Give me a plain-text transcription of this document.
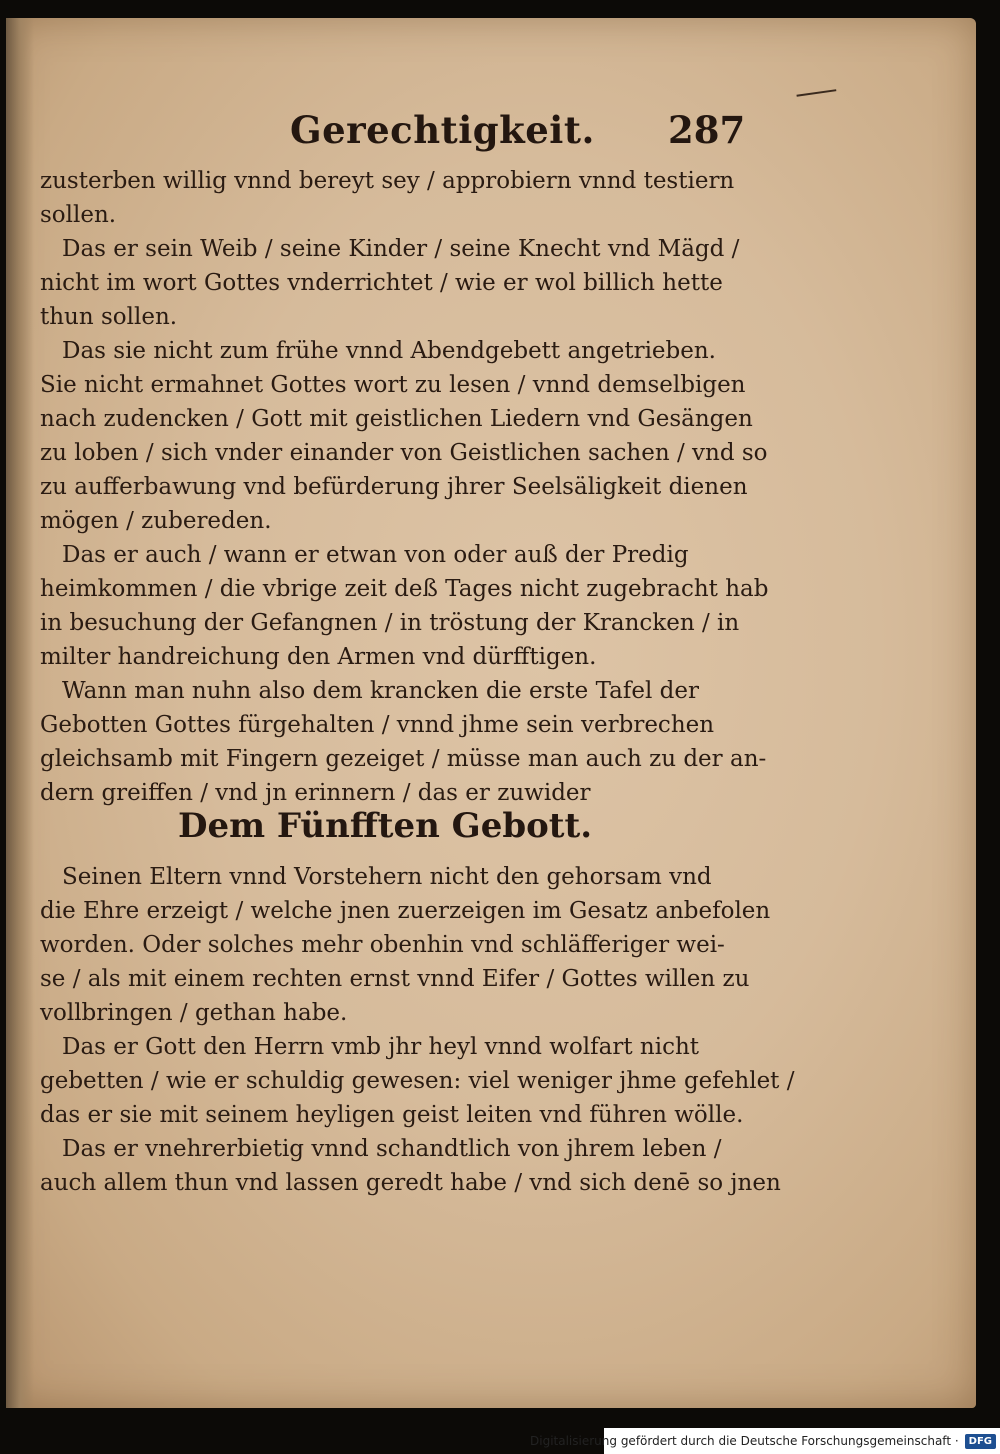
Gerechtigkeit. 287

zusterben willig vnnd bereyt sey / approbiern vnnd testiern

sollen.

Das er sein Weib / seine Kinder / seine Knecht vnd Mägd /

nicht im wort Gottes vnderrichtet / wie er wol billich hette

thun sollen.

Das sie nicht zum frühe vnnd Abendgebett angetrieben.

Sie nicht ermahnet Gottes wort zu lesen / vnnd demselbigen

nach zudencken / Gott mit geistlichen Liedern vnd Gesängen

zu loben / sich vnder einander von Geistlichen sachen / vnd so

zu aufferbawung vnd befürderung jhrer Seelsäligkeit dienen

mögen / zubereden.

Das er auch / wann er etwan von oder auß der Predig

heimkommen / die vbrige zeit deß Tages nicht zugebracht hab

in besuchung der Gefangnen / in tröstung der Krancken / in

milter handreichung den Armen vnd dürfftigen.

Wann man nuhn also dem krancken die erste Tafel der

Gebotten Gottes fürgehalten / vnnd jhme sein verbrechen

gleichsamb mit Fingern gezeiget / müsse man auch zu der an-

dern greiffen / vnd jn erinnern / das er zuwider

Dem Fünfften Gebott.

Seinen Eltern vnnd Vorstehern nicht den gehorsam vnd

die Ehre erzeigt / welche jnen zuerzeigen im Gesatz anbefolen

worden. Oder solches mehr obenhin vnd schläfferiger wei-

se / als mit einem rechten ernst vnnd Eifer / Gottes willen zu

vollbringen / gethan habe.

Das er Gott den Herrn vmb jhr heyl vnnd wolfart nicht

gebetten / wie er schuldig gewesen: viel weniger jhme gefehlet /

das er sie mit seinem heyligen geist leiten vnd führen wölle.

Das er vnehrerbietig vnnd schandtlich von jhrem leben /

auch allem thun vnd lassen geredt habe / vnd sich denē so jnen

Digitalisierung gefördert durch die Deutsche Forschungsgemeinschaft ·	DFG
